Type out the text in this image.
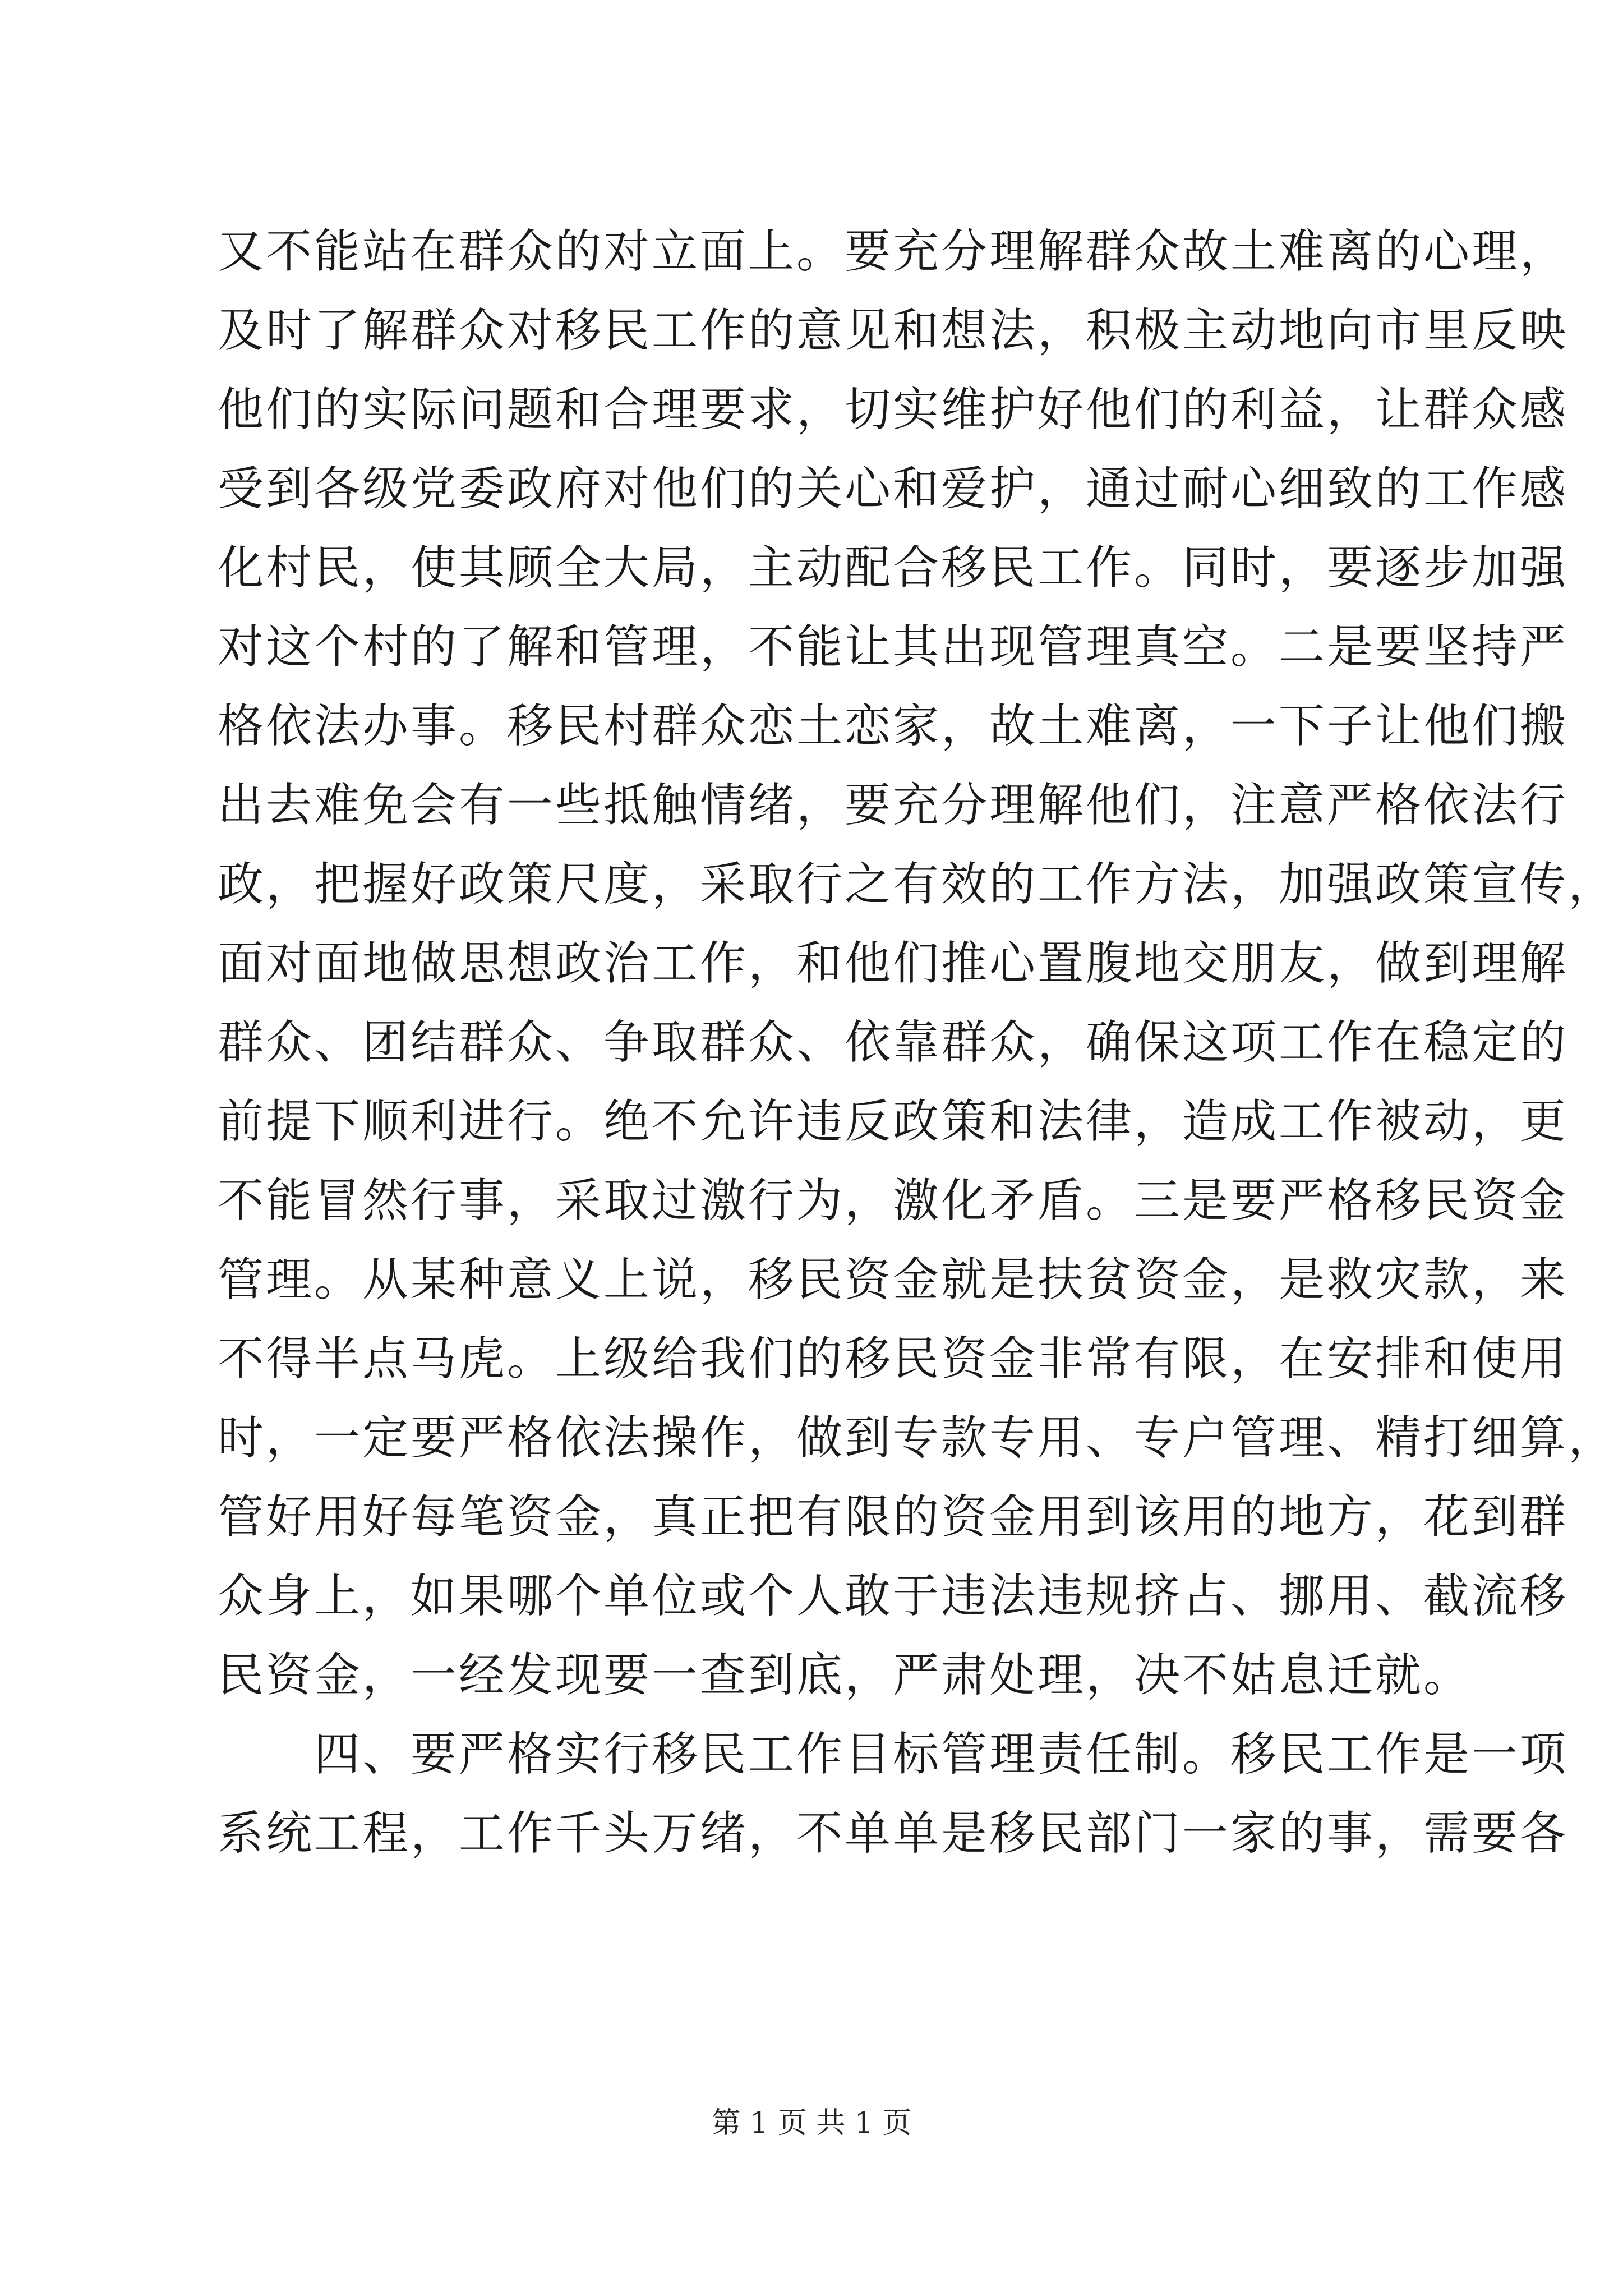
又不能站在群众的对立面上。要充分理解群众故土难离的心理，
及时了解群众对移民工作的意见和想法，积极主动地向市里反映
他们的实际问题和合理要求，切实维护好他们的利益，让群众感
受到各级党委政府对他们的关心和爱护，通过耐心细致的工作感
化村民，使其顾全大局，主动配合移民工作。同时，要逐步加强
对这个村的了解和管理，不能让其出现管理真空。二是要坚持严
格依法办事。移民村群众恋土恋家，故土难离，一下子让他们搬
出去难免会有一些抵触情绪，要充分理解他们，注意严格依法行
政，把握好政策尺度，采取行之有效的工作方法，加强政策宣传，
面对面地做思想政治工作，和他们推心置腹地交朋友，做到理解
群众、团结群众、争取群众、依靠群众，确保这项工作在稳定的
前提下顺利进行。绝不允许违反政策和法律，造成工作被动，更
不能冒然行事，采取过激行为，激化矛盾。三是要严格移民资金
管理。从某种意义上说，移民资金就是扶贫资金，是救灾款，来
不得半点马虎。上级给我们的移民资金非常有限，在安排和使用
时，一定要严格依法操作，做到专款专用、专户管理、精打细算，
管好用好每笔资金，真正把有限的资金用到该用的地方，花到群
众身上，如果哪个单位或个人敢于违法违规挤占、挪用、截流移
民资金，一经发现要一查到底，严肃处理，决不姑息迁就。
四、要严格实行移民工作目标管理责任制。移民工作是一项
系统工程，工作千头万绪，不单单是移民部门一家的事，需要各
第 1 页 共 1 页
